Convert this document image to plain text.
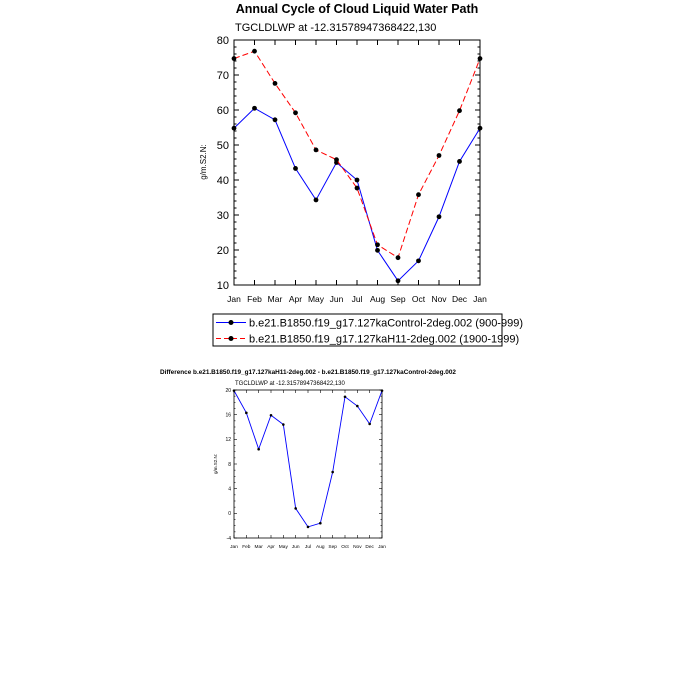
Annual Cycle of Cloud Liquid Water Path
TGCLDLWP at -12.31578947368422,130
g/m.S2.N:
10
20
30
40
50
60
70
80
Jan Feb Mar Apr May Jun Jul Aug Sep Oct Nov Dec Jan
b.e21.B1850.f19_g17.127kaControl-2deg.002 (900-999)
b.e21.B1850.f19_g17.127kaH11-2deg.002 (1900-1999)
Difference b.e21.B1850.f19_g17.127kaH11-2deg.002 - b.e21.B1850.f19_g17.127kaControl-2deg.002
TGCLDLWP at -12.31578947368422,130
g/m.S2.N:
-4
0
4
8
12
16
20
Jan Feb Mar Apr May Jun Jul Aug Sep Oct Nov Dec Jan
